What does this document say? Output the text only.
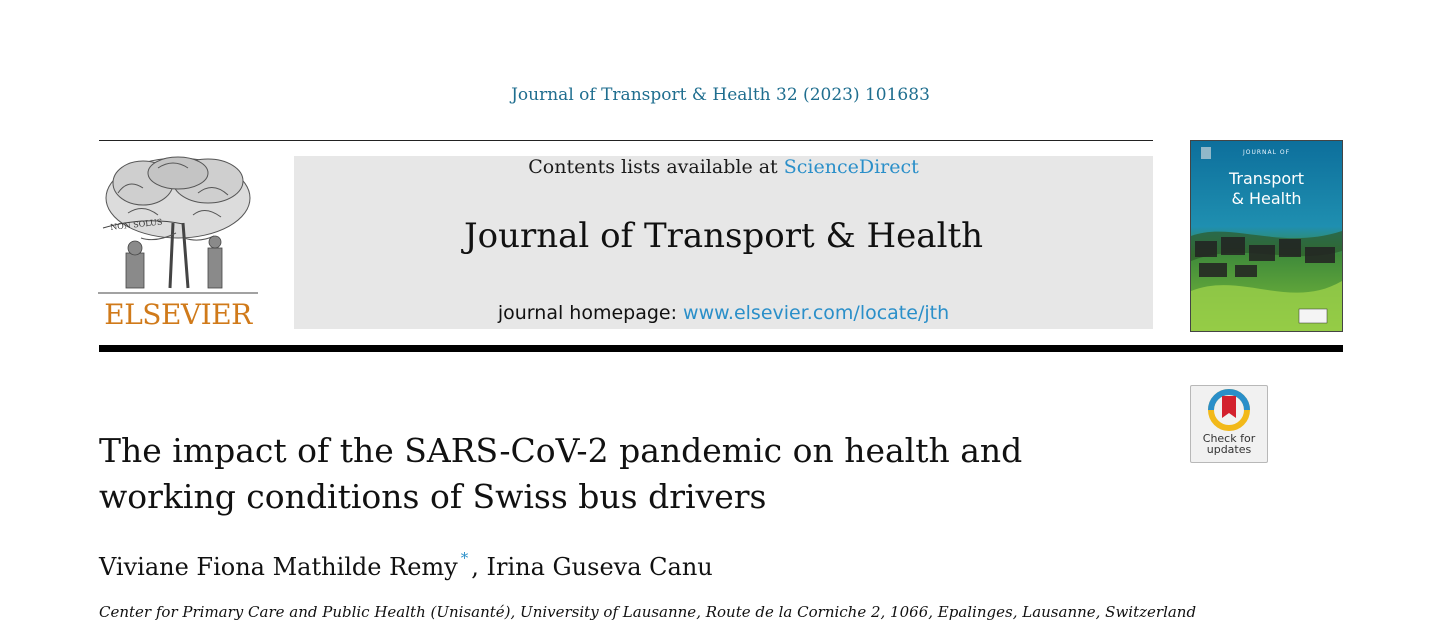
Journal of Transport & Health 32 (2023) 101683
NON SOLUS
ELSEVIER
Contents lists available at ScienceDirect
Journal of Transport & Health
journal homepage: www.elsevier.com/locate/jth
JOURNAL OF
Transport
& Health
Check for
updates
The impact of the SARS-CoV-2 pandemic on health and working conditions of Swiss bus drivers
Viviane Fiona Mathilde Remy * , Irina Guseva Canu
Center for Primary Care and Public Health (Unisanté), University of Lausanne, Route de la Corniche 2, 1066, Epalinges, Lausanne, Switzerland
